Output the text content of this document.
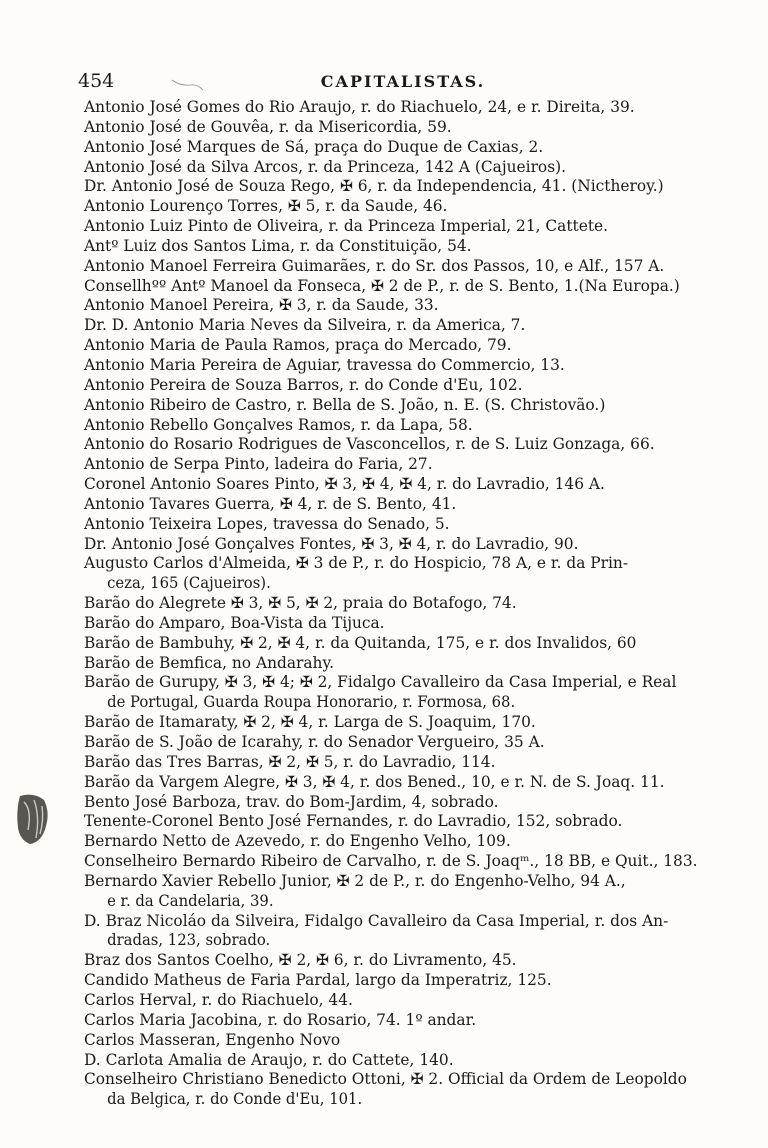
454	CAPITALISTAS.
Antonio José Gomes do Rio Araujo, r. do Riachuelo, 24, e r. Direita, 39.
Antonio José de Gouvêa, r. da Misericordia, 59.
Antonio José Marques de Sá, praça do Duque de Caxias, 2.
Antonio José da Silva Arcos, r. da Princeza, 142 A (Cajueiros).
Dr. Antonio José de Souza Rego, ✠ 6, r. da Independencia, 41. (Nictheroy.)
Antonio Lourenço Torres, ✠ 5, r. da Saude, 46.
Antonio Luiz Pinto de Oliveira, r. da Princeza Imperial, 21, Cattete.
Antº Luiz dos Santos Lima, r. da Constituição, 54.
Antonio Manoel Ferreira Guimarães, r. do Sr. dos Passos, 10, e Alf., 157 A.
Consellhºº Antº Manoel da Fonseca, ✠ 2 de P., r. de S. Bento, 1.(Na Europa.)
Antonio Manoel Pereira, ✠ 3, r. da Saude, 33.
Dr. D. Antonio Maria Neves da Silveira, r. da America, 7.
Antonio Maria de Paula Ramos, praça do Mercado, 79.
Antonio Maria Pereira de Aguiar, travessa do Commercio, 13.
Antonio Pereira de Souza Barros, r. do Conde d'Eu, 102.
Antonio Ribeiro de Castro, r. Bella de S. João, n. E. (S. Christovão.)
Antonio Rebello Gonçalves Ramos, r. da Lapa, 58.
Antonio do Rosario Rodrigues de Vasconcellos, r. de S. Luiz Gonzaga, 66.
Antonio de Serpa Pinto, ladeira do Faria, 27.
Coronel Antonio Soares Pinto, ✠ 3, ✠ 4, ✠ 4, r. do Lavradio, 146 A.
Antonio Tavares Guerra, ✠ 4, r. de S. Bento, 41.
Antonio Teixeira Lopes, travessa do Senado, 5.
Dr. Antonio José Gonçalves Fontes, ✠ 3, ✠ 4, r. do Lavradio, 90.
Augusto Carlos d'Almeida, ✠ 3 de P., r. do Hospicio, 78 A, e r. da Prin-
ceza, 165 (Cajueiros).
Barão do Alegrete ✠ 3, ✠ 5, ✠ 2, praia do Botafogo, 74.
Barão do Amparo, Boa-Vista da Tijuca.
Barão de Bambuhy, ✠ 2, ✠ 4, r. da Quitanda, 175, e r. dos Invalidos, 60
Barão de Bemfica, no Andarahy.
Barão de Gurupy, ✠ 3, ✠ 4; ✠ 2, Fidalgo Cavalleiro da Casa Imperial, e Real
de Portugal, Guarda Roupa Honorario, r. Formosa, 68.
Barão de Itamaraty, ✠ 2, ✠ 4, r. Larga de S. Joaquim, 170.
Barão de S. João de Icarahy, r. do Senador Vergueiro, 35 A.
Barão das Tres Barras, ✠ 2, ✠ 5, r. do Lavradio, 114.
Barão da Vargem Alegre, ✠ 3, ✠ 4, r. dos Bened., 10, e r. N. de S. Joaq. 11.
Bento José Barboza, trav. do Bom-Jardim, 4, sobrado.
Tenente-Coronel Bento José Fernandes, r. do Lavradio, 152, sobrado.
Bernardo Netto de Azevedo, r. do Engenho Velho, 109.
Conselheiro Bernardo Ribeiro de Carvalho, r. de S. Joaqᵐ., 18 BB, e Quit., 183.
Bernardo Xavier Rebello Junior, ✠ 2 de P., r. do Engenho-Velho, 94 A.,
e r. da Candelaria, 39.
D. Braz Nicoláo da Silveira, Fidalgo Cavalleiro da Casa Imperial, r. dos An-
dradas, 123, sobrado.
Braz dos Santos Coelho, ✠ 2, ✠ 6, r. do Livramento, 45.
Candido Matheus de Faria Pardal, largo da Imperatriz, 125.
Carlos Herval, r. do Riachuelo, 44.
Carlos Maria Jacobina, r. do Rosario, 74. 1º andar.
Carlos Masseran, Engenho Novo
D. Carlota Amalia de Araujo, r. do Cattete, 140.
Conselheiro Christiano Benedicto Ottoni, ✠ 2. Official da Ordem de Leopoldo
da Belgica, r. do Conde d'Eu, 101.
